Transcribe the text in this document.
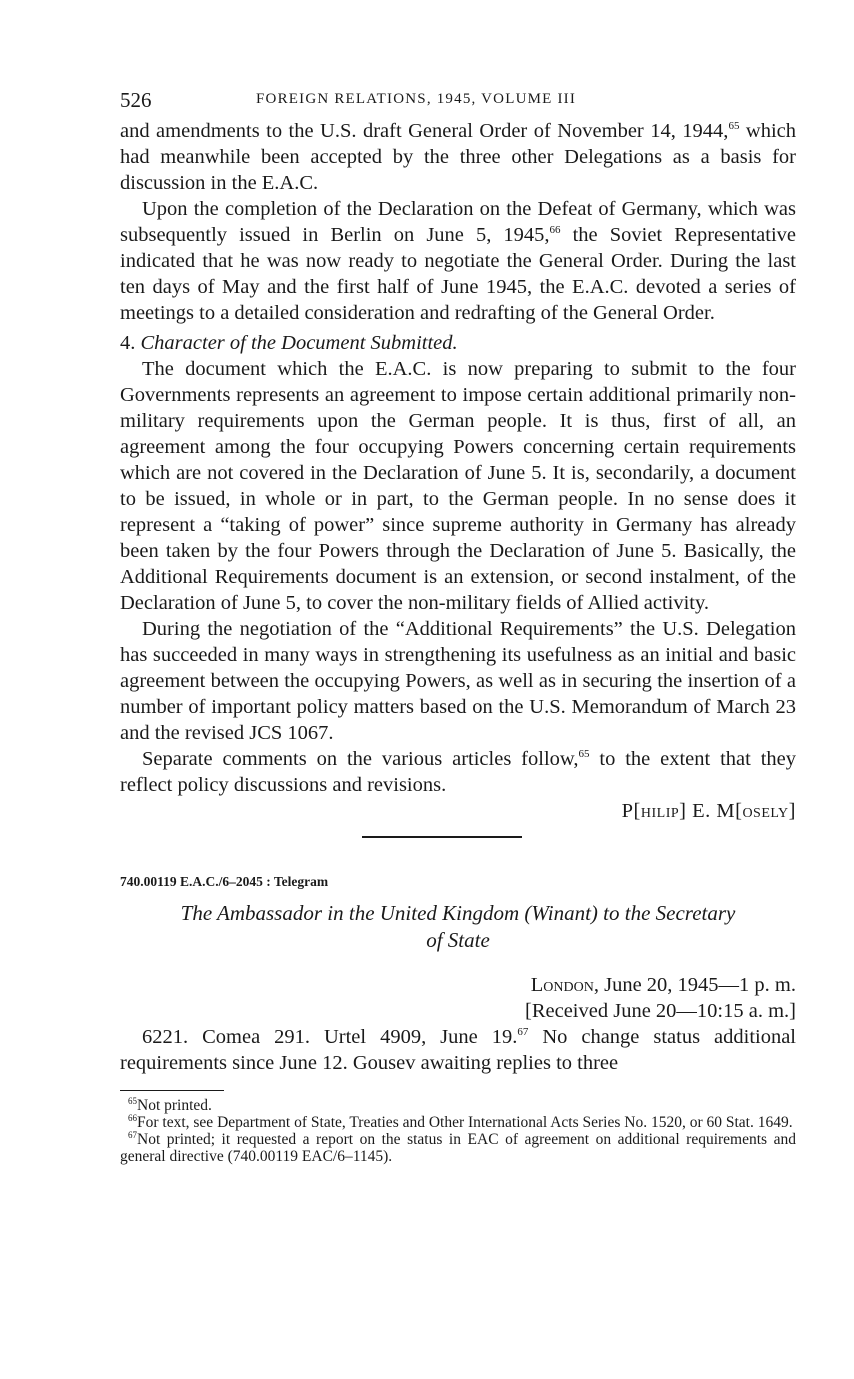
526	FOREIGN RELATIONS, 1945, VOLUME III

and amendments to the U.S. draft General Order of November 14, 1944,65 which had meanwhile been accepted by the three other Delegations as a basis for discussion in the E.A.C.

Upon the completion of the Declaration on the Defeat of Germany, which was subsequently issued in Berlin on June 5, 1945,66 the Soviet Representative indicated that he was now ready to negotiate the General Order. During the last ten days of May and the first half of June 1945, the E.A.C. devoted a series of meetings to a detailed consideration and redrafting of the General Order.

4. Character of the Document Submitted.

The document which the E.A.C. is now preparing to submit to the four Governments represents an agreement to impose certain additional primarily non-military requirements upon the German people. It is thus, first of all, an agreement among the four occupying Powers concerning certain requirements which are not covered in the Declaration of June 5. It is, secondarily, a document to be issued, in whole or in part, to the German people. In no sense does it represent a “taking of power” since supreme authority in Germany has already been taken by the four Powers through the Declaration of June 5. Basically, the Additional Requirements document is an extension, or second instalment, of the Declaration of June 5, to cover the non-military fields of Allied activity.

During the negotiation of the “Additional Requirements” the U.S. Delegation has succeeded in many ways in strengthening its usefulness as an initial and basic agreement between the occupying Powers, as well as in securing the insertion of a number of important policy matters based on the U.S. Memorandum of March 23 and the revised JCS 1067.

Separate comments on the various articles follow,$^{65}$ to the extent that they reflect policy discussions and revisions.

P[hilip] E. M[osely]

740.00119 E.A.C./6–2045 : Telegram

The Ambassador in the United Kingdom (Winant) to the Secretary
of State

London, June 20, 1945—1 p. m.

[Received June 20—10:15 a. m.]

6221. Comea 291. Urtel 4909, June 19.67 No change status additional requirements since June 12. Gousev awaiting replies to three

$^{65}$Not printed.

$^{66}$For text, see Department of State, Treaties and Other International Acts Series No. 1520, or 60 Stat. 1649.

$^{67}$Not printed; it requested a report on the status in EAC of agreement on additional requirements and general directive (740.00119 EAC/6–1145).
